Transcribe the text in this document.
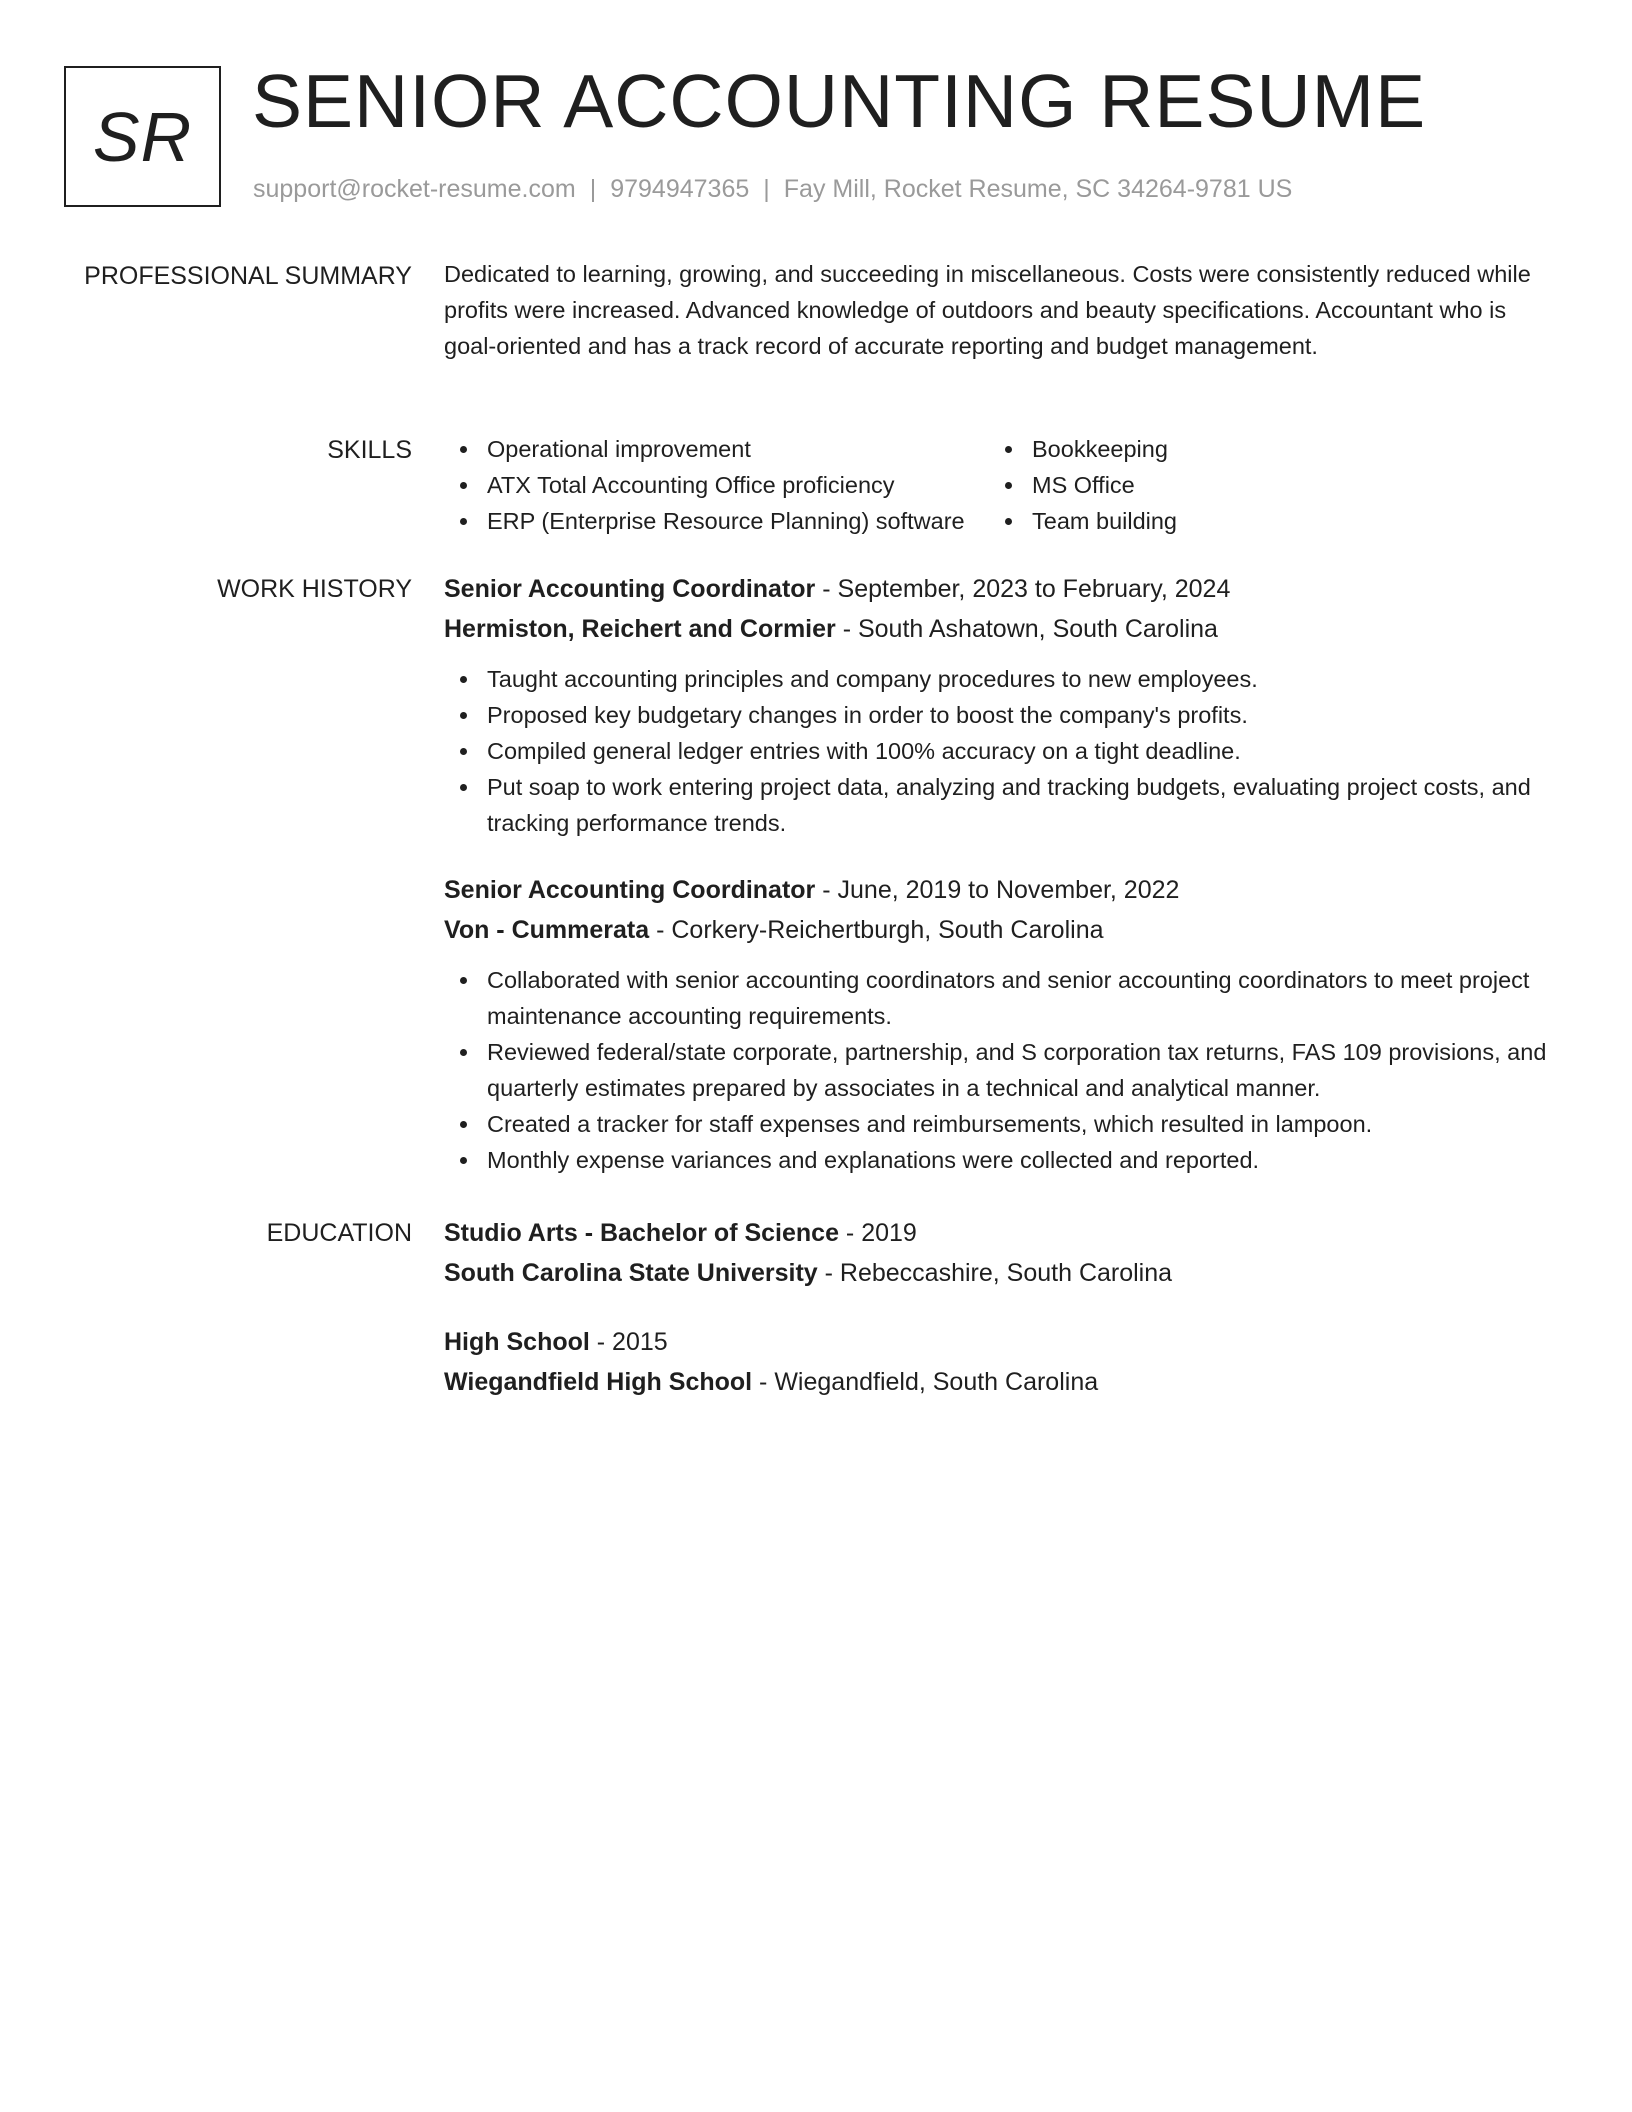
SR SENIOR ACCOUNTING RESUME
support@rocket-resume.com | 9794947365 | Fay Mill, Rocket Resume, SC 34264-9781 US
PROFESSIONAL SUMMARY Dedicated to learning, growing, and succeeding in miscellaneous. Costs were consistently reduced while profits were increased. Advanced knowledge of outdoors and beauty specifications. Accountant who is goal-oriented and has a track record of accurate reporting and budget management.

SKILLS	Operational improvement
ATX Total Accounting Office proficiency
ERP (Enterprise Resource Planning) software
Bookkeeping
MS Office
Team building
WORK HISTORY Senior Accounting Coordinator - September, 2023 to February, 2024
Hermiston, Reichert and Cormier - South Ashatown, South Carolina
Taught accounting principles and company procedures to new employees.
Proposed key budgetary changes in order to boost the company's profits.
Compiled general ledger entries with 100% accuracy on a tight deadline.
Put soap to work entering project data, analyzing and tracking budgets, evaluating project costs, and tracking performance trends.
Senior Accounting Coordinator - June, 2019 to November, 2022
Von - Cummerata - Corkery-Reichertburgh, South Carolina
Collaborated with senior accounting coordinators and senior accounting coordinators to meet project maintenance accounting requirements.
Reviewed federal/state corporate, partnership, and S corporation tax returns, FAS 109 provisions, and quarterly estimates prepared by associates in a technical and analytical manner.
Created a tracker for staff expenses and reimbursements, which resulted in lampoon.
Monthly expense variances and explanations were collected and reported.
EDUCATION Studio Arts - Bachelor of Science - 2019
South Carolina State University - Rebeccashire, South Carolina
High School - 2015
Wiegandfield High School - Wiegandfield, South Carolina
